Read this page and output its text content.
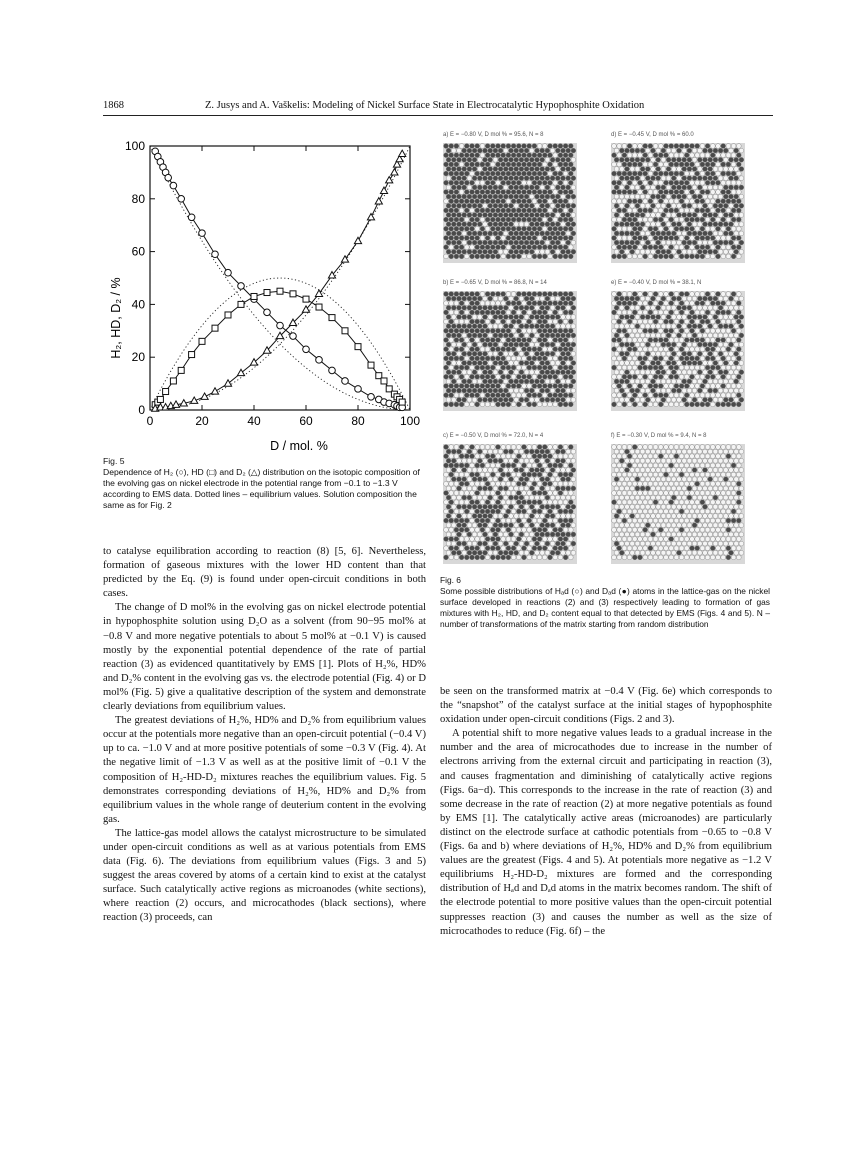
1868	Z. Jusys and A. Vaškelis: Modeling of Nickel Surface State in Electrocatalytic Hypophosphite Oxidation
0	20	40	60	80	100
0
20
40
60
80
100
H₂, HD, D₂ / %
D / mol. %
Fig. 5
Dependence of H₂ (○), HD (□) and D₂ (△) distribution on the isotopic composition of the evolving gas on nickel electrode in the potential range from −0.1 to −1.3 V according to EMS data. Dotted lines – equilibrium values. Solution composition the same as for Fig. 2

to catalyse equilibration according to reaction (8) [5, 6]. Nevertheless, formation of gaseous mixtures with the lower HD content than that predicted by the Eq. (9) is found under open-circuit conditions in both cases.

The change of D mol% in the evolving gas on nickel electrode potential in hypophosphite solution using D₂O as a solvent (from 90−95 mol% at −0.8 V and more negative potentials to about 5 mol% at −0.1 V) is caused mostly by the exponential potential dependence of the rate of partial reaction (3) as evidenced quantitatively by EMS [1]. Plots of H₂%, HD% and D₂% content in the evolving gas vs. the electrode potential (Fig. 4) or D mol% (Fig. 5) give a qualitative description of the system and demonstrate clearly deviations from equilibrium values.

The greatest deviations of H₂%, HD% and D₂% from equilibrium values occur at the potentials more negative than an open-circuit potential (−0.4 V) up to ca. −1.0 V and at more positive potentials of some −0.3 V (Fig. 4). At the negative limit of −1.3 V as well as at the positive limit of −0.1 V the composition of H₂-HD-D₂ mixtures reaches the equilibrium values. Fig. 5 demonstrates corresponding deviations of H₂%, HD% and D₂% from equilibrium values in the whole range of deuterium content in the evolving gas.

The lattice-gas model allows the catalyst microstructure to be simulated under open-circuit conditions as well as at various potentials from EMS data (Fig. 6). The deviations from equilibrium values (Figs. 3 and 5) suggest the areas covered by atoms of a certain kind to exist at the catalyst surface. Such catalytically active regions as microanodes (white sections), where reaction (2) occurs, and microcathodes (black sections), where reaction (3) proceeds, can

a) E = −0.80 V, D mol % = 95.6, N = 8	d) E = −0.45 V, D mol % = 60.0
b) E = −0.65 V, D mol % = 86.8, N = 14	e) E = −0.40 V, D mol % = 38.1, N
c) E = −0.50 V, D mol % = 72.0, N = 4	f) E = −0.30 V, D mol % = 9.4, N = 8
Fig. 6
Some possible distributions of Hₐd (○) and Dₐd (●) atoms in the lattice-gas on the nickel surface developed in reactions (2) and (3) respectively leading to formation of gas mixtures with H₂, HD, and D₂ content equal to that detected by EMS (Figs. 4 and 5). N – number of transformations of the matrix starting from random distribution

be seen on the transformed matrix at −0.4 V (Fig. 6e) which corresponds to the “snapshot” of the catalyst surface at the initial stages of hypophosphite oxidation under open-circuit conditions (Figs. 2 and 3).

A potential shift to more negative values leads to a gradual increase in the number and the area of microcathodes due to increase in the number of electrons arriving from the external circuit and participating in reaction (3), and causes fragmentation and diminishing of catalytically active regions (Figs. 6a−d). This corresponds to the increase in the rate of reaction (3) and some decrease in the rate of reaction (2) at more negative potentials as found by EMS [1]. The catalytically active areas (microanodes) are particularly distinct on the electrode surface at cathodic potentials from −0.65 to −0.8 V (Figs. 6a and b) where deviations of H₂%, HD% and D₂% from equilibrium values are the greatest (Figs. 4 and 5). At potentials more negative as −1.2 V equilibriums H₂-HD-D₂ mixtures are formed and the corresponding distribution of Hₐd and Dₐd atoms in the matrix becomes random. The shift of the electrode potential to more positive values than the open-circuit potential suppresses reaction (3) and causes the number as well as the size of microcathodes to reduce (Fig. 6f) – the
